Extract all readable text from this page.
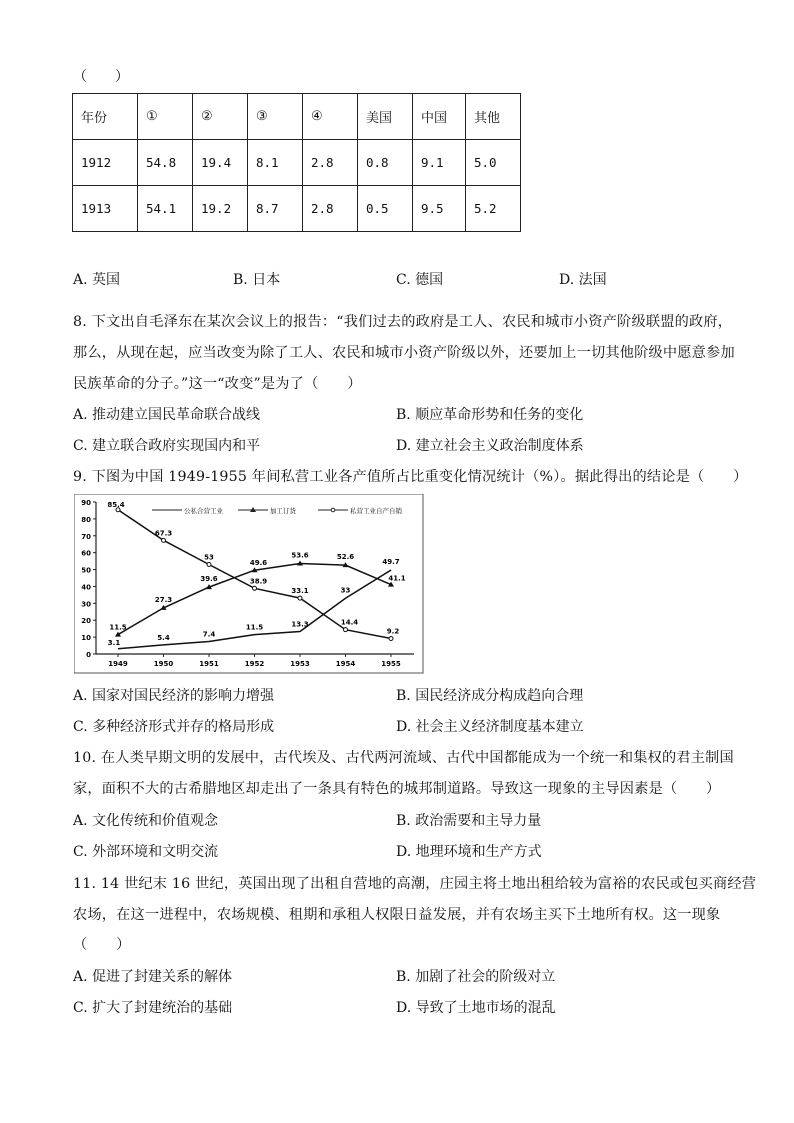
（　　）
年份	①	②	③	④	美国	中国	其他
1912	54.8	19.4	8.1	2.8	0.8	9.1	5.0
1913	54.1	19.2	8.7	2.8	0.5	9.5	5.2
A. 英国	B. 日本	C. 德国	D. 法国
8. 下文出自毛泽东在某次会议上的报告：“我们过去的政府是工人、农民和城市小资产阶级联盟的政府，
那么，从现在起，应当改变为除了工人、农民和城市小资产阶级以外，还要加上一切其他阶级中愿意参加
民族革命的分子。”这一“改变”是为了（　　）
A. 推动建立国民革命联合战线	B. 顺应革命形势和任务的变化
C. 建立联合政府实现国内和平	D. 建立社会主义政治制度体系
9. 下图为中国 1949-1955 年间私营工业各产值所占比重变化情况统计（%）。据此得出的结论是（　　）
0
10
20
30
40
50
60
70
80
90
1949	1950	1951	1952	1953	1954	1955
公私合营工业	加工订货	私营工业自产自销
3.1
5.4	7.4
11.5	13.3
33
49.7
11.5
27.3
39.6
49.6
53.6	52.6
41.1
85.4
67.3
53
38.9
33.1
14.4
9.2
A. 国家对国民经济的影响力增强	B. 国民经济成分构成趋向合理
C. 多种经济形式并存的格局形成	D. 社会主义经济制度基本建立
10. 在人类早期文明的发展中，古代埃及、古代两河流域、古代中国都能成为一个统一和集权的君主制国
家，面积不大的古希腊地区却走出了一条具有特色的城邦制道路。导致这一现象的主导因素是（　　）
A. 文化传统和价值观念	B. 政治需要和主导力量
C. 外部环境和文明交流	D. 地理环境和生产方式
11. 14 世纪末 16 世纪，英国出现了出租自营地的高潮，庄园主将土地出租给较为富裕的农民或包买商经营
农场，在这一进程中，农场规模、租期和承租人权限日益发展，并有农场主买下土地所有权。这一现象
（　　）
A. 促进了封建关系的解体	B. 加剧了社会的阶级对立
C. 扩大了封建统治的基础	D. 导致了土地市场的混乱
